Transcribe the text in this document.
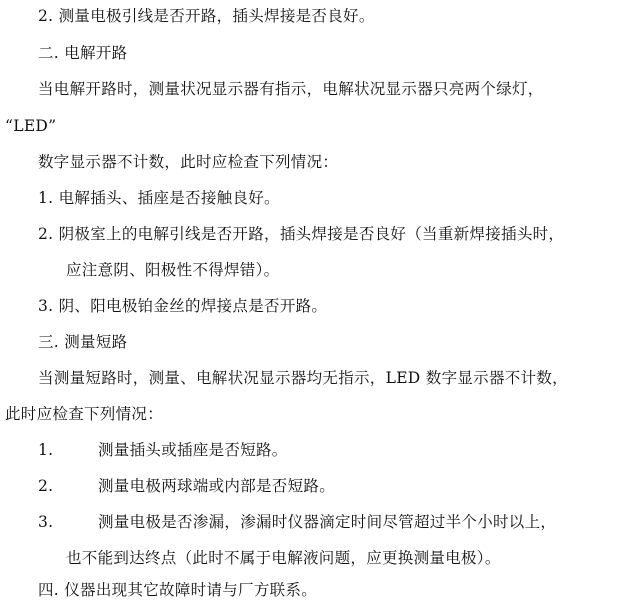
2. 测量电极引线是否开路，插头焊接是否良好。
二. 电解开路
当电解开路时，测量状况显示器有指示，电解状况显示器只亮两个绿灯，
“LED”
数字显示器不计数，此时应检查下列情况：
1. 电解插头、插座是否接触良好。
2. 阴极室上的电解引线是否开路，插头焊接是否良好（当重新焊接插头时，
应注意阴、阳极性不得焊错）。
3. 阴、阳电极铂金丝的焊接点是否开路。
三. 测量短路
当测量短路时，测量、电解状况显示器均无指示，LED 数字显示器不计数，
此时应检查下列情况：
1.	测量插头或插座是否短路。
2.	测量电极两球端或内部是否短路。
3.	测量电极是否渗漏，渗漏时仪器滴定时间尽管超过半个小时以上，
也不能到达终点（此时不属于电解液问题，应更换测量电极）。
四. 仪器出现其它故障时请与厂方联系。
